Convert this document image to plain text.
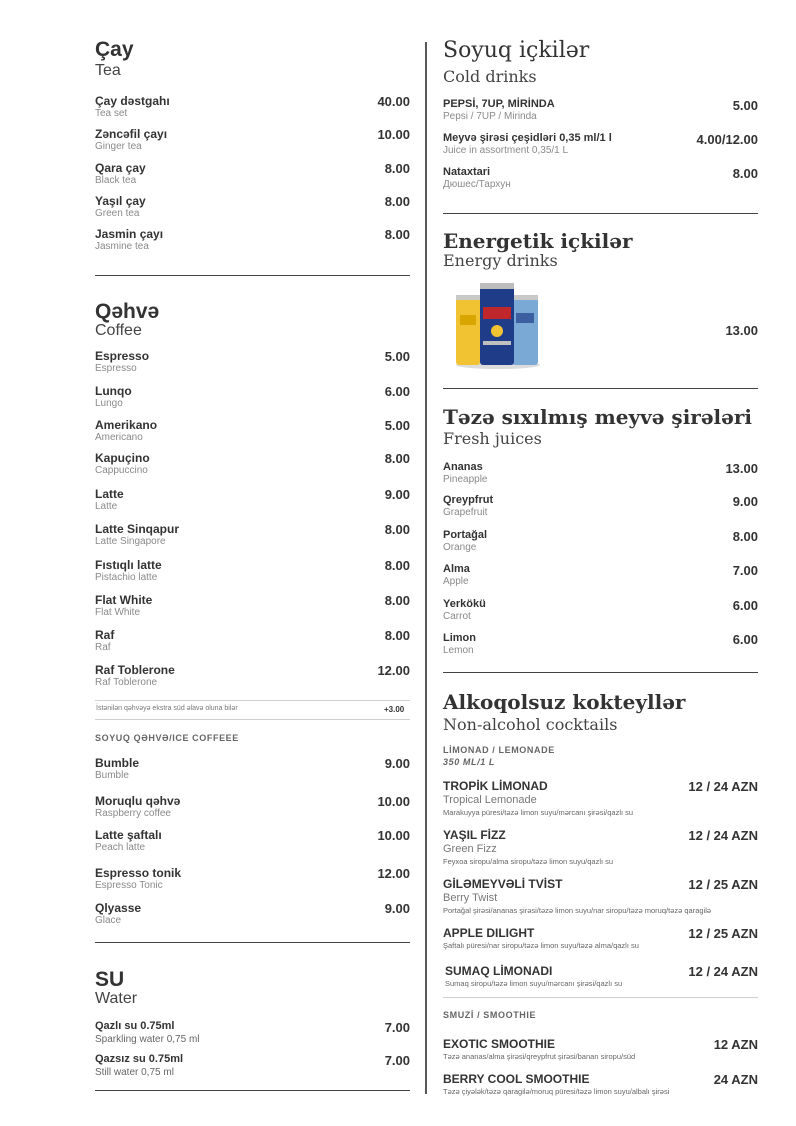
Çay
Tea
Çay dəstgahı
Tea set
40.00
Zəncəfil çayı
Ginger tea
10.00
Qara çay
Black tea
8.00
Yaşıl çay
Green tea
8.00
Jasmin çayı
Jasmine tea
8.00
Qəhvə
Coffee
Espresso
Espresso
5.00
Lunqo
Lungo
6.00
Amerikano
Americano
5.00
Kapuçino
Cappuccino
8.00
Latte
Latte
9.00
Latte Sinqapur
Latte Singapore
8.00
Fıstıqlı latte
Pistachio latte
8.00
Flat White
Flat White
8.00
Raf
Raf
8.00
Raf Toblerone
Raf Toblerone
12.00
İstənilən qəhvəyə ekstra süd əlavə oluna bilər	+3.00
SOYUQ QƏHVƏ/ICE COFFEEE
Bumble
Bumble
9.00
Moruqlu qəhvə
Raspberry coffee
10.00
Latte şaftalı
Peach latte
10.00
Espresso tonik
Espresso Tonic
12.00
Qlyasse
Glace
9.00
SU
Water
Qazlı su 0.75ml
Sparkling water 0,75 ml
7.00
Qazsız su 0.75ml
Still water 0,75 ml
7.00
Soyuq içkilər
Cold drinks
PEPSİ, 7UP, MİRİNDA
Pepsi / 7UP / Mirinda
5.00
Meyvə şirəsi çeşidləri 0,35 ml/1 l
Juice in assortment 0,35/1 L
4.00/12.00
Nataxtari
Дюшес/Тархун
8.00
Energetik içkilər
Energy drinks
13.00
Təzə sıxılmış meyvə şirələri
Fresh juices
Ananas
Pineapple
13.00
Qreypfrut
Grapefruit
9.00
Portağal
Orange
8.00
Alma
Apple
7.00
Yerkökü
Carrot
6.00
Limon
Lemon
6.00
Alkoqolsuz kokteyllər
Non-alcohol cocktails
LİMONAD / LEMONADE
350 ML/1 L
TROPİK LİMONAD
Tropical Lemonade
Marakuyya püresi/təzə limon suyu/mərcanı şirəsi/qazlı su
12 / 24 AZN
YAŞIL FİZZ
Green Fizz
Feyxoa siropu/alma siropu/təzə limon suyu/qazlı su
12 / 24 AZN
GİLƏMEYVƏLİ TVİST
Berry Twist
Portağal şirəsi/ananas şirəsi/təzə limon suyu/nar siropu/təzə moruq/təzə qaragilə
12 / 25 AZN
APPLE DILIGHT
Şaftalı püresi/nar siropu/təzə limon suyu/təzə alma/qazlı su
12 / 25 AZN
SUMAQ LİMONADI
Sumaq siropu/təzə limon suyu/mərcanı şirəsi/qazlı su
12 / 24 AZN
SMUZİ / SMOOTHIE
EXOTIC SMOOTHIE
Təzə ananas/alma şirəsi/qreypfrut şirəsi/banan siropu/süd
12 AZN
BERRY COOL SMOOTHIE
Təzə çiyələk/təzə qaragilə/moruq püresi/təzə limon suyu/albalı şirəsi
24 AZN
